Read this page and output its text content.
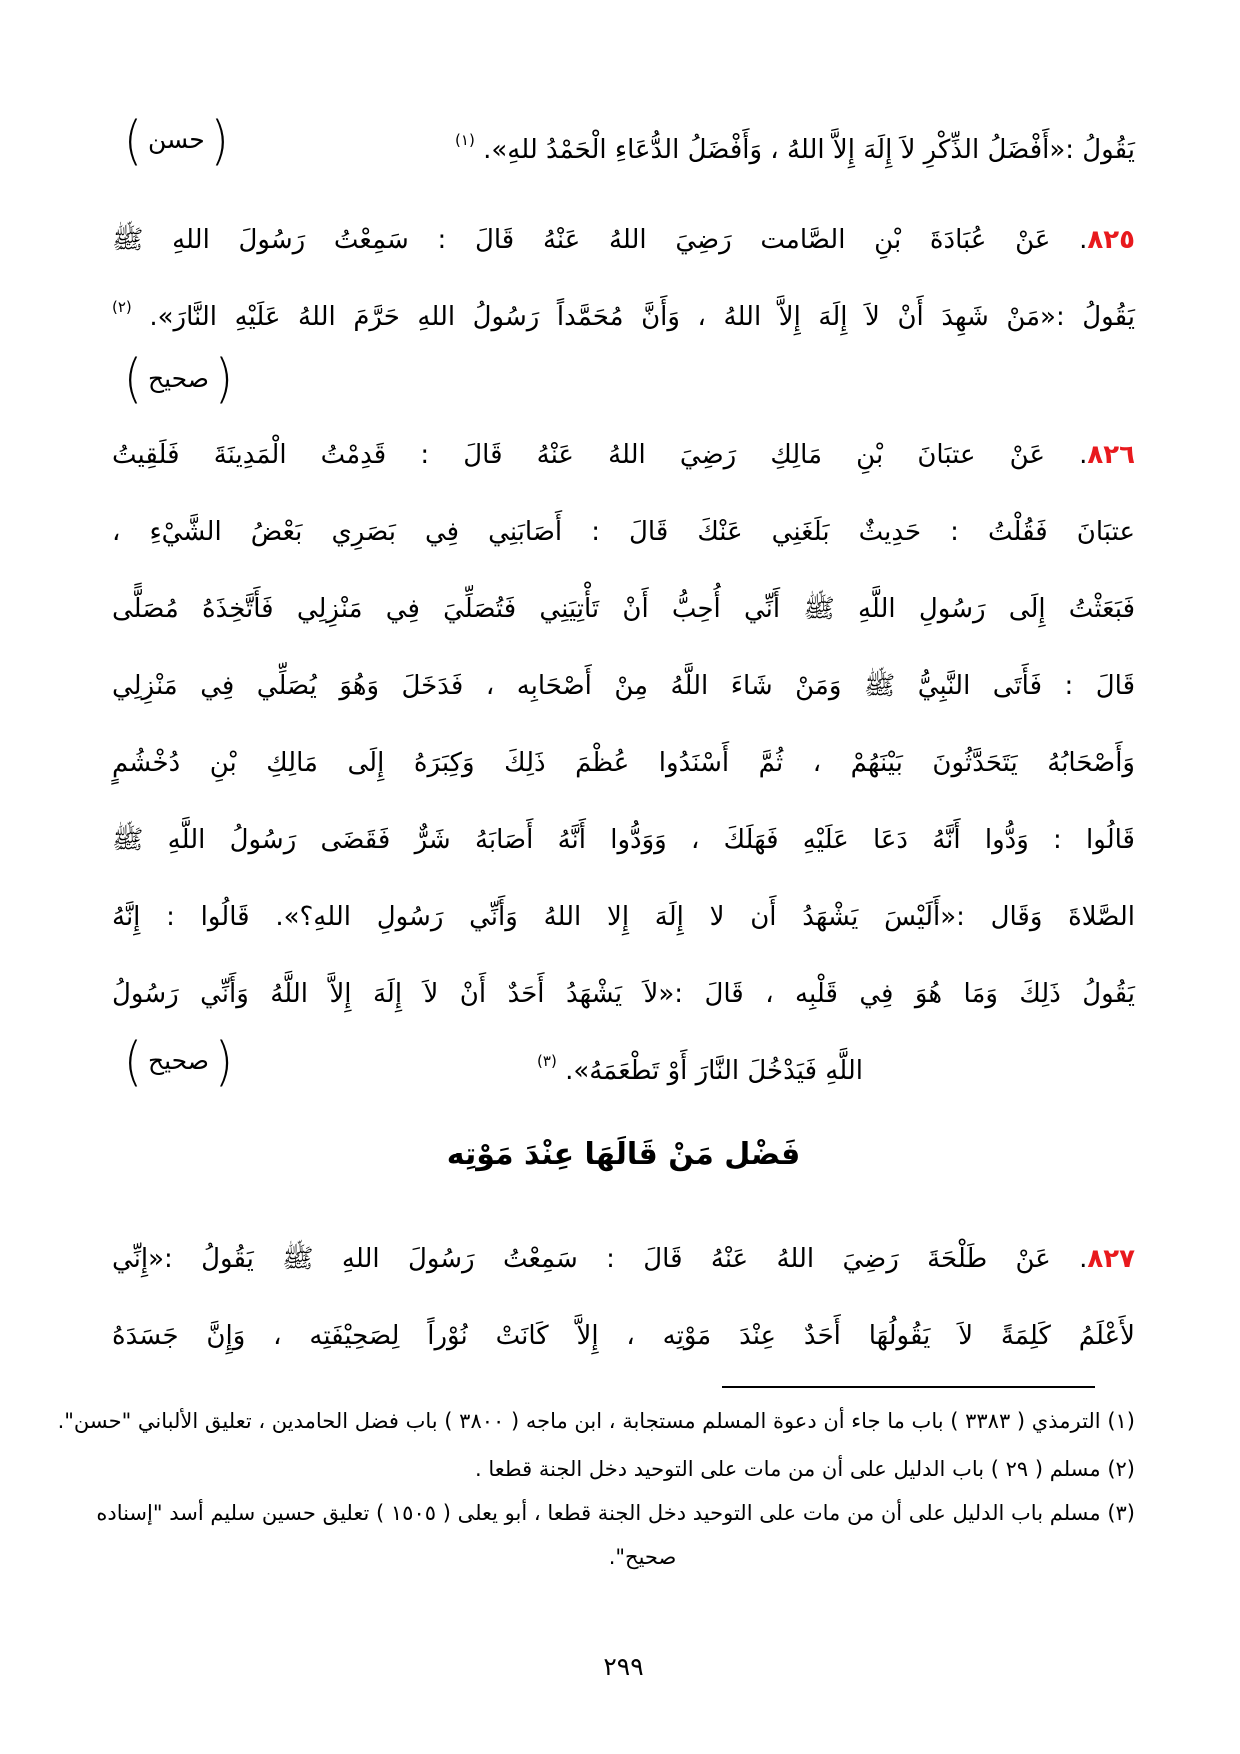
(
حسن
)	يَقُولُ :«أَفْضَلُ الذِّكْرِ لاَ إِلَهَ إِلاَّ اللهُ ، وَأَفْضَلُ الدُّعَاءِ الْحَمْدُ للهِ». $^{(١)}$
٨٢٥. عَنْ عُبَادَةَ بْنِ الصَّامت رَضِيَ اللهُ عَنْهُ قَالَ : سَمِعْتُ رَسُولَ اللهِ ﷺ
يَقُولُ :«مَنْ شَهِدَ أَنْ لاَ إِلَهَ إِلاَّ اللهُ ، وَأَنَّ مُحَمَّداً رَسُولُ اللهِ حَرَّمَ اللهُ عَلَيْهِ النَّارَ». $^{(٢)}$
(
صحيح
)
٨٢٦. عَنْ عتبَانَ بْنِ مَالِكِ رَضِيَ اللهُ عَنْهُ قَالَ : قَدِمْتُ الْمَدِينَةَ فَلَقِيتُ
عتبَانَ فَقُلْتُ : حَدِيثٌ بَلَغَنِي عَنْكَ قَالَ : أَصَابَنِي فِي بَصَرِي بَعْضُ الشَّيْءِ ،
فَبَعَثْتُ إِلَى رَسُولِ اللَّهِ ﷺ أَنِّي أُحِبُّ أَنْ تَأْتِيَنِي فَتُصَلِّيَ فِي مَنْزِلِي فَأَتَّخِذَهُ مُصَلًّى
قَالَ : فَأَتَى النَّبِيُّ ﷺ وَمَنْ شَاءَ اللَّهُ مِنْ أَصْحَابِه ، فَدَخَلَ وَهُوَ يُصَلِّي فِي مَنْزِلِي
وَأَصْحَابُهُ يَتَحَدَّثُونَ بَيْنَهُمْ ، ثُمَّ أَسْنَدُوا عُظْمَ ذَلِكَ وَكِبَرَهُ إِلَى مَالِكِ بْنِ دُخْشُمٍ
قَالُوا : وَدُّوا أَنَّهُ دَعَا عَلَيْهِ فَهَلَكَ ، وَوَدُّوا أَنَّهُ أَصَابَهُ شَرٌّ فَقَضَى رَسُولُ اللَّهِ ﷺ
الصَّلاةَ وَقَال :«أَلَيْسَ يَشْهَدُ أَن لا إِلَهَ إِلا اللهُ وَأَنِّي رَسُولِ اللهِ؟». قَالُوا : إِنَّهُ
يَقُولُ ذَلِكَ وَمَا هُوَ فِي قَلْبِه ، قَالَ :«لاَ يَشْهَدُ أَحَدٌ أَنْ لاَ إِلَهَ إِلاَّ اللَّهُ وَأَنِّي رَسُولُ
(
صحيح
)	اللَّهِ فَيَدْخُلَ النَّارَ أَوْ تَطْعَمَهُ». $^{(٣)}$
فَضْل مَنْ قَالَهَا عِنْدَ مَوْتِه
٨٢٧. عَنْ طَلْحَةَ رَضِيَ اللهُ عَنْهُ قَالَ : سَمِعْتُ رَسُولَ اللهِ ﷺ يَقُولُ :«إِنِّي
لأَعْلَمُ كَلِمَةً لاَ يَقُولُهَا أَحَدٌ عِنْدَ مَوْتِه ، إِلاَّ كَانَتْ نُوْراً لِصَحِيْفَتِه ، وَإِنَّ جَسَدَهُ
(١) الترمذي ( ٣٣٨٣ ) باب ما جاء أن دعوة المسلم مستجابة ، ابن ماجه ( ٣٨٠٠ ) باب فضل الحامدين ، تعليق الألباني "حسن".
(٢) مسلم ( ٢٩ ) باب الدليل على أن من مات على التوحيد دخل الجنة قطعا .
(٣) مسلم باب الدليل على أن من مات على التوحيد دخل الجنة قطعا ، أبو يعلى ( ١٥٠٥ ) تعليق حسين سليم أسد "إسناده
صحيح".
٢٩٩
